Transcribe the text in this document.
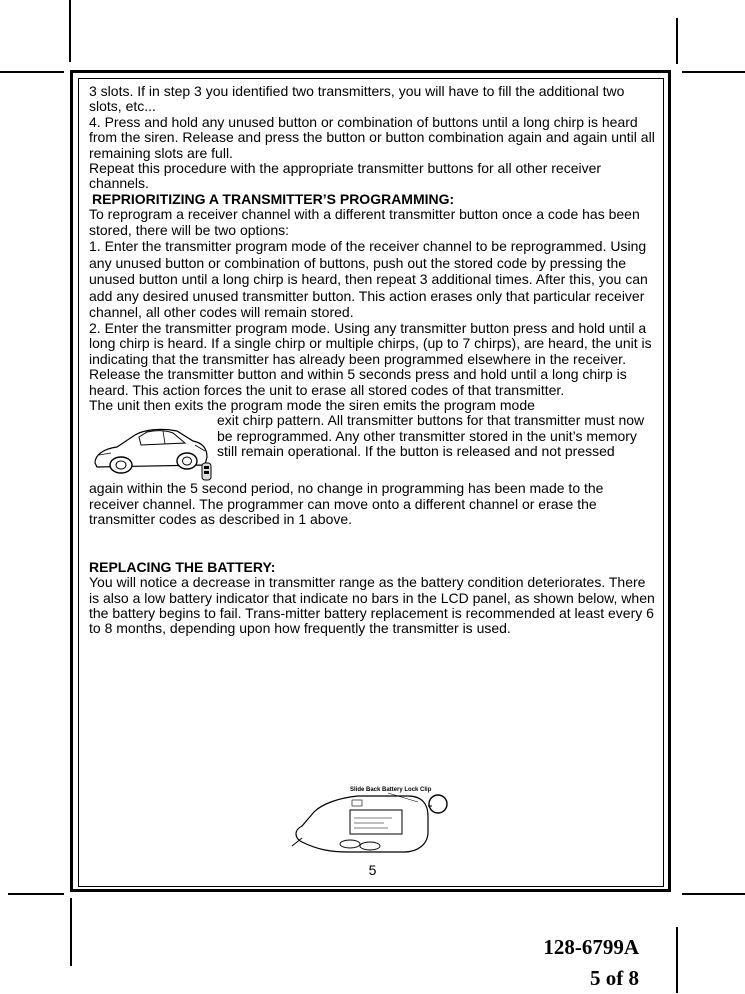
3 slots. If in step 3 you identified two transmitters, you will have to fill the additional two slots, etc...

4. Press and hold any unused button or combination of buttons until a long chirp is heard from the siren. Release and press the button or button combination again and again until all remaining slots are full.

Repeat this procedure with the appropriate transmitter buttons for all other receiver channels.

REPRIORITIZING A TRANSMITTER’S PROGRAMMING:

To reprogram a receiver channel with a different transmitter button once a code has been stored, there will be two options:

1. Enter the transmitter program mode of the receiver channel to be reprogrammed. Using any unused button or combination of buttons, push out the stored code by pressing the unused button until a long chirp is heard, then repeat 3 additional times. After this, you can add any desired unused transmitter button. This action erases only that particular receiver channel, all other codes will remain stored.

2. Enter the transmitter program mode. Using any transmitter button press and hold until a long chirp is heard. If a single chirp or multiple chirps, (up to 7 chirps), are heard, the unit is indicating that the transmitter has already been programmed elsewhere in the receiver. Release the transmitter button and within 5 seconds press and hold until a long chirp is heard. This action forces the unit to erase all stored codes of that transmitter.

The unit then exits the program mode the siren emits the program mode

exit chirp pattern. All transmitter buttons for that transmitter must now be reprogrammed. Any other transmitter stored in the unit’s memory still remain operational. If the button is released and not pressed

again within the 5 second period, no change in programming has been made to the receiver channel. The programmer can move onto a different channel or erase the transmitter codes as described in 1 above.

REPLACING THE BATTERY:

You will notice a decrease in transmitter range as the battery condition deteriorates. There is also a low battery indicator that indicate no bars in the LCD panel, as shown below, when the battery begins to fail. Trans-mitter battery replacement is recommended at least every 6 to 8 months, depending upon how frequently the transmitter is used.

Slide Back Battery Lock Clip
5
128-6799A
5 of 8
